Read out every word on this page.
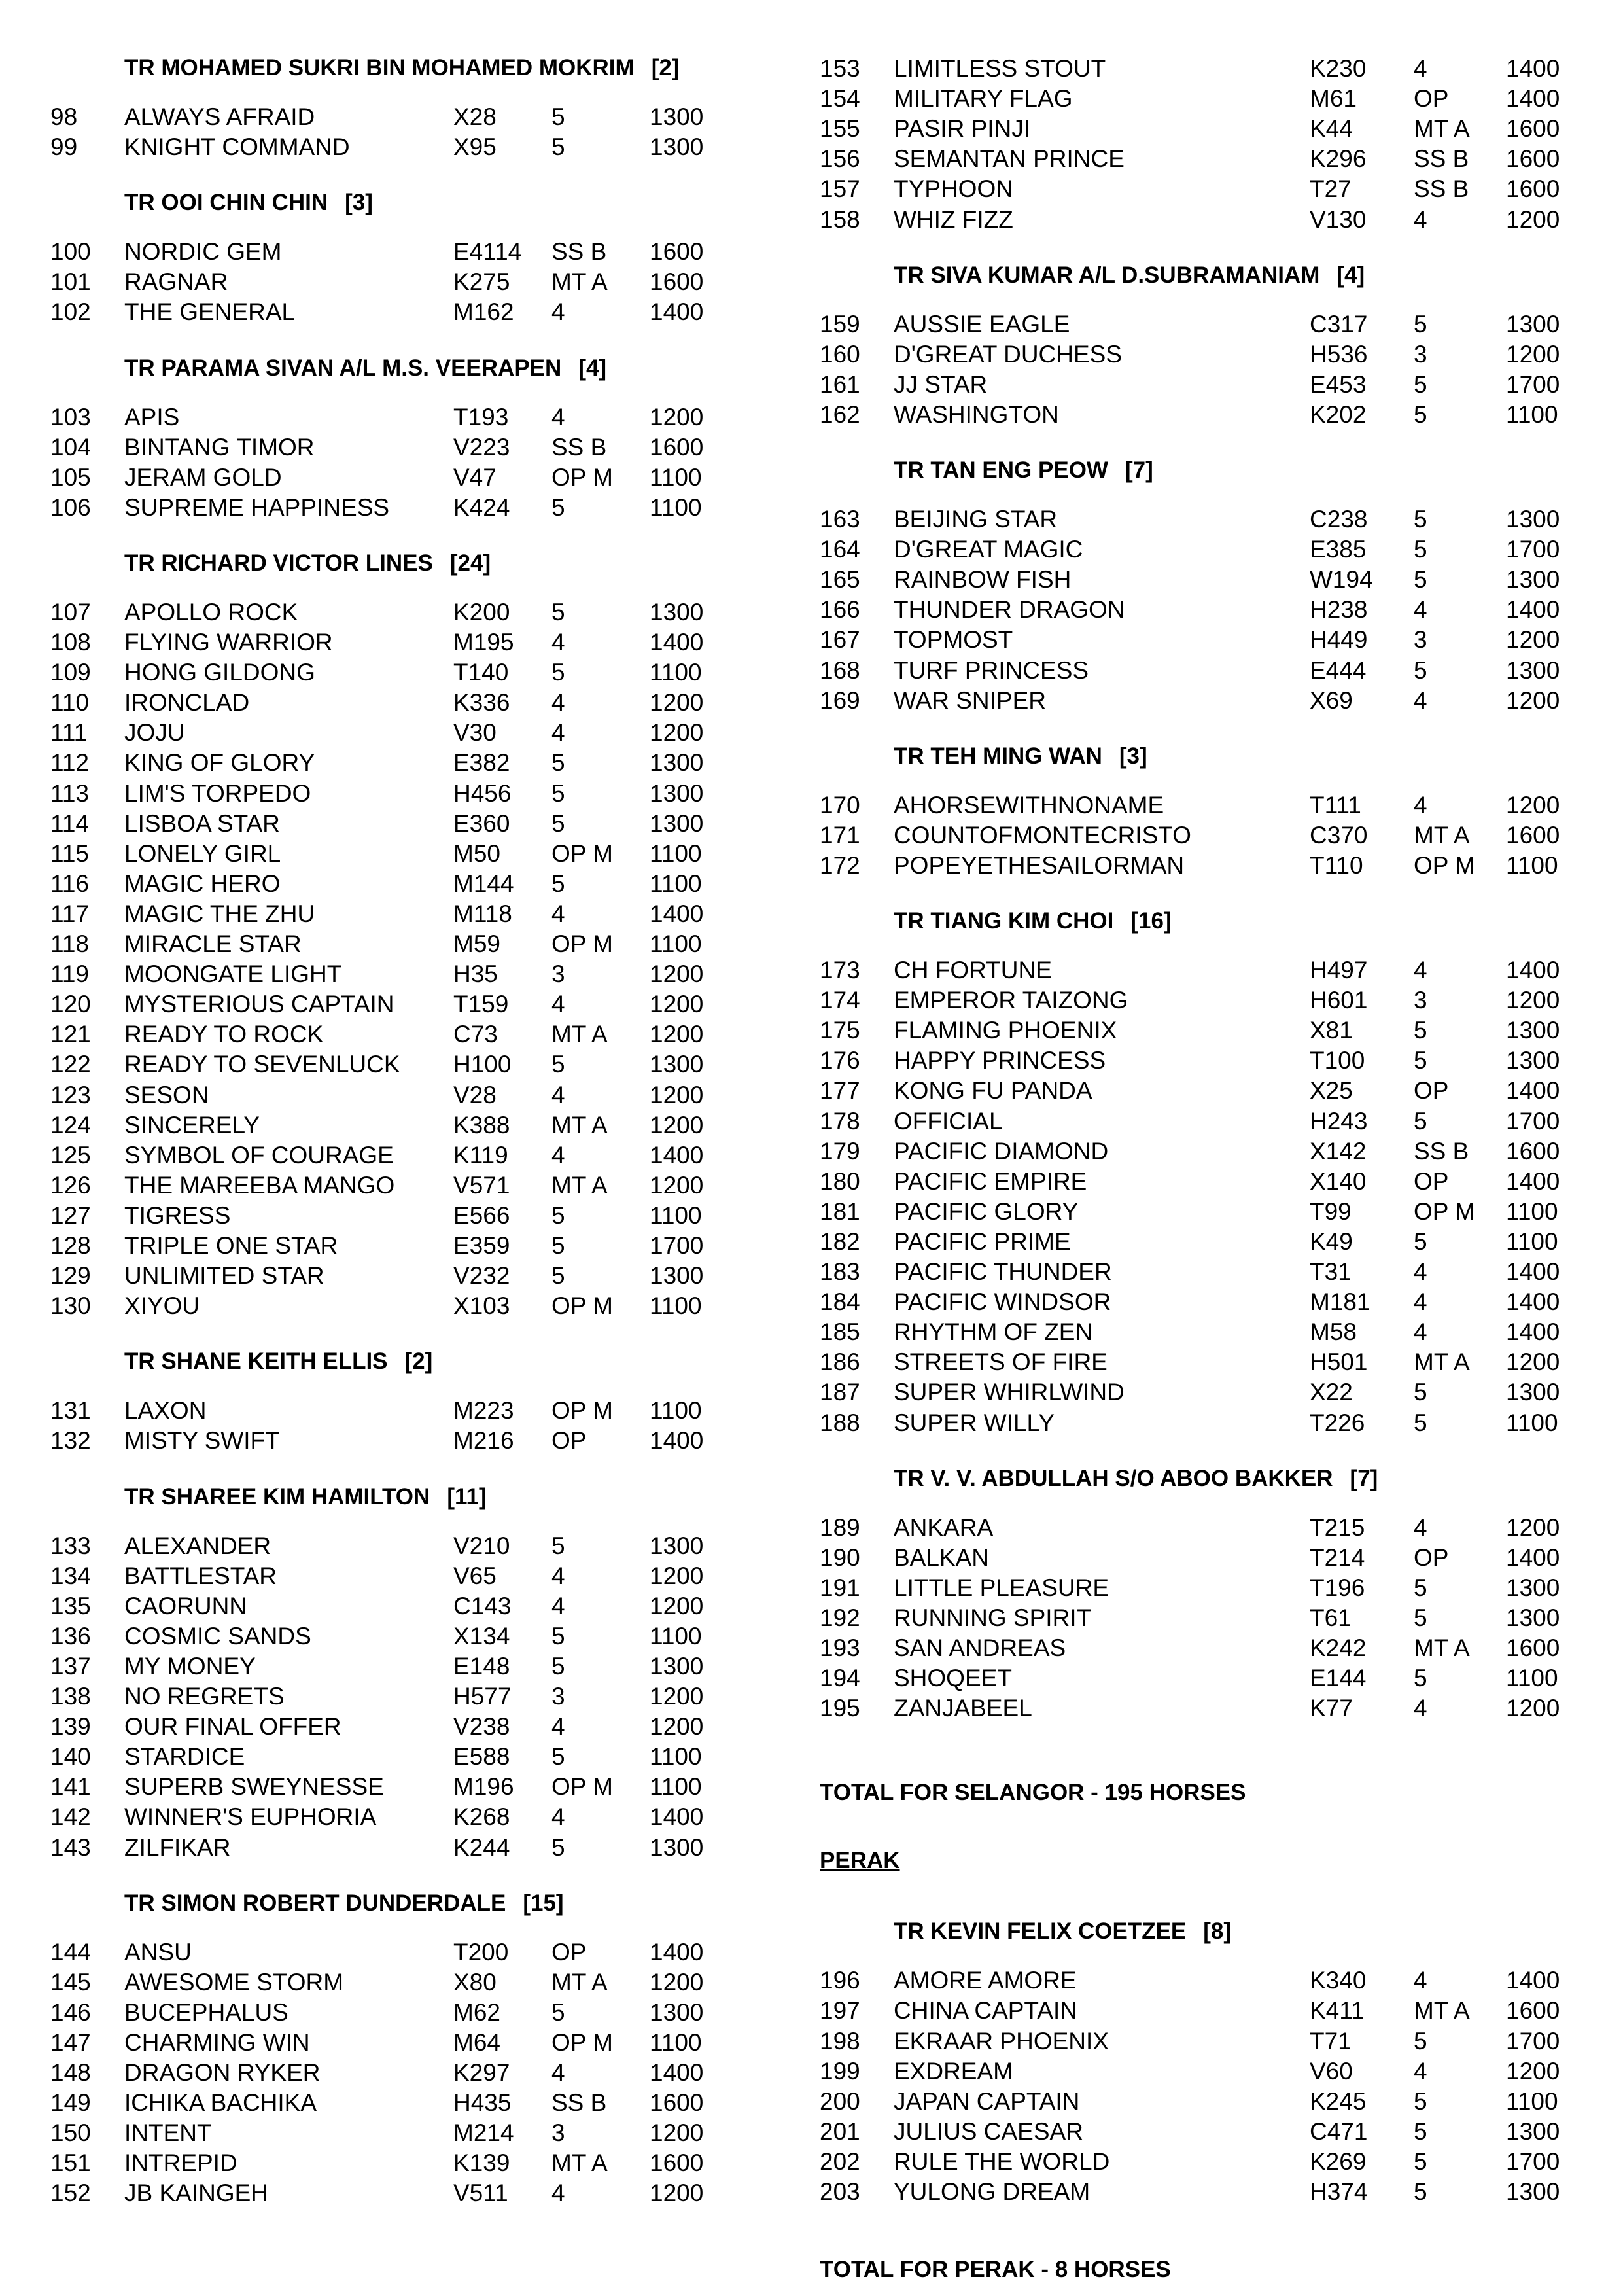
TR MOHAMED SUKRI BIN MOHAMED MOKRIM [2]
98 ALWAYS AFRAID	X28 5	1300
99 KNIGHT COMMAND	X95 5	1300
TR OOI CHIN CHIN [3]
100 NORDIC GEM	E4114 SS B 1600
101 RAGNAR	K275 MT A 1600
102 THE GENERAL	M162 4	1400
TR PARAMA SIVAN A/L M.S. VEERAPEN [4]
103 APIS	T193 4	1200
104 BINTANG TIMOR	V223 SS B 1600
105 JERAM GOLD	V47 OP M 1100
106 SUPREME HAPPINESS	K424 5	1100
TR RICHARD VICTOR LINES [24]
107 APOLLO ROCK	K200 5	1300
108 FLYING WARRIOR	M195 4	1400
109 HONG GILDONG	T140 5	1100
110 IRONCLAD	K336 4	1200
111 JOJU	V30 4	1200
112 KING OF GLORY	E382 5	1300
113 LIM'S TORPEDO	H456 5	1300
114 LISBOA STAR	E360 5	1300
115 LONELY GIRL	M50 OP M 1100
116 MAGIC HERO	M144 5	1100
117 MAGIC THE ZHU	M118 4	1400
118 MIRACLE STAR	M59 OP M 1100
119 MOONGATE LIGHT	H35 3	1200
120 MYSTERIOUS CAPTAIN T159 4	1200
121 READY TO ROCK	C73 MT A 1200
122 READY TO SEVENLUCK H100 5	1300
123 SESON	V28 4	1200
124 SINCERELY	K388 MT A 1200
125 SYMBOL OF COURAGE K119 4	1400
126 THE MAREEBA MANGO V571 MT A 1200
127 TIGRESS	E566 5	1100
128 TRIPLE ONE STAR	E359 5	1700
129 UNLIMITED STAR	V232 5	1300
130 XIYOU	X103 OP M 1100
TR SHANE KEITH ELLIS [2]
131 LAXON	M223 OP M 1100
132 MISTY SWIFT	M216 OP	1400
TR SHAREE KIM HAMILTON [11]
133 ALEXANDER	V210 5	1300
134 BATTLESTAR	V65 4	1200
135 CAORUNN	C143 4	1200
136 COSMIC SANDS	X134 5	1100
137 MY MONEY	E148 5	1300
138 NO REGRETS	H577 3	1200
139 OUR FINAL OFFER	V238 4	1200
140 STARDICE	E588 5	1100
141 SUPERB SWEYNESSE	M196 OP M 1100
142 WINNER'S EUPHORIA	K268 4	1400
143 ZILFIKAR	K244 5	1300
TR SIMON ROBERT DUNDERDALE [15]
144 ANSU	T200 OP	1400
145 AWESOME STORM	X80 MT A 1200
146 BUCEPHALUS	M62 5	1300
147 CHARMING WIN	M64 OP M 1100
148 DRAGON RYKER	K297 4	1400
149 ICHIKA BACHIKA	H435 SS B 1600
150 INTENT	M214 3	1200
151 INTREPID	K139 MT A 1600
152 JB KAINGEH	V511 4	1200
153 LIMITLESS STOUT	K230 4	1400
154 MILITARY FLAG	M61 OP 1400
155 PASIR PINJI	K44	MT A 1600
156 SEMANTAN PRINCE	K296 SS B 1600
157 TYPHOON	T27	SS B 1600
158 WHIZ FIZZ	V130 4	1200
TR SIVA KUMAR A/L D.SUBRAMANIAM [4]
159 AUSSIE EAGLE	C317 5	1300
160 D'GREAT DUCHESS	H536 3	1200
161 JJ STAR	E453 5	1700
162 WASHINGTON	K202 5	1100
TR TAN ENG PEOW [7]
163 BEIJING STAR	C238 5	1300
164 D'GREAT MAGIC	E385 5	1700
165 RAINBOW FISH	W194 5	1300
166 THUNDER DRAGON	H238 4	1400
167 TOPMOST	H449 3	1200
168 TURF PRINCESS	E444 5	1300
169 WAR SNIPER	X69	4	1200
TR TEH MING WAN [3]
170 AHORSEWITHNONAME	T111 4	1200
171 COUNTOFMONTECRISTO	C370 MT A 1600
172 POPEYETHESAILORMAN	T110 OP M 1100
TR TIANG KIM CHOI [16]
173 CH FORTUNE	H497 4	1400
174 EMPEROR TAIZONG	H601 3	1200
175 FLAMING PHOENIX	X81	5	1300
176 HAPPY PRINCESS	T100 5	1300
177 KONG FU PANDA	X25	OP 1400
178 OFFICIAL	H243 5	1700
179 PACIFIC DIAMOND	X142 SS B 1600
180 PACIFIC EMPIRE	X140 OP 1400
181 PACIFIC GLORY	T99	OP M 1100
182 PACIFIC PRIME	K49	5	1100
183 PACIFIC THUNDER	T31	4	1400
184 PACIFIC WINDSOR	M181 4	1400
185 RHYTHM OF ZEN	M58 4	1400
186 STREETS OF FIRE	H501 MT A 1200
187 SUPER WHIRLWIND	X22	5	1300
188 SUPER WILLY	T226 5	1100
TR V. V. ABDULLAH S/O ABOO BAKKER [7]
189 ANKARA	T215 4	1200
190 BALKAN	T214 OP 1400
191 LITTLE PLEASURE	T196 5	1300
192 RUNNING SPIRIT	T61	5	1300
193 SAN ANDREAS	K242 MT A 1600
194 SHOQEET	E144 5	1100
195 ZANJABEEL	K77	4	1200
TOTAL FOR SELANGOR - 195 HORSES
PERAK
TR KEVIN FELIX COETZEE [8]
196 AMORE AMORE	K340 4	1400
197 CHINA CAPTAIN	K411 MT A 1600
198 EKRAAR PHOENIX	T71	5	1700
199 EXDREAM	V60	4	1200
200 JAPAN CAPTAIN	K245 5	1100
201 JULIUS CAESAR	C471 5	1300
202 RULE THE WORLD	K269 5	1700
203 YULONG DREAM	H374 5	1300
TOTAL FOR PERAK - 8 HORSES
